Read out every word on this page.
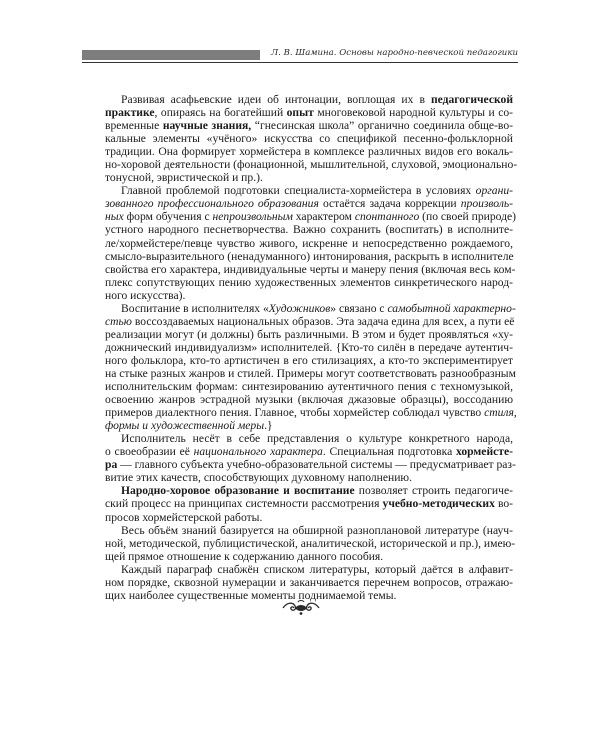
Л. В. Шамина. Основы народно-певческой педагогики
Развивая асафьевские идеи об интонации, воплощая их в педагогической
практике, опираясь на богатейший опыт многовековой народной культуры и со-
временные научные знания, “гнесинская школа” органично соединила обще-во-
кальные элементы «учёного» искусства со спецификой песенно-фольклорной
традиции. Она формирует хормейстера в комплексе различных видов его вокаль-
но-хоровой деятельности (фонационной, мышлительной, слуховой, эмоционально-
тонусной, эвристической и пр.).
Главной проблемой подготовки специалиста-хормейстера в условиях органи-
зованного профессионального образования остаётся задача коррекции произволь-
ных форм обучения с непроизвольным характером спонтанного (по своей природе)
устного народного песнетворчества. Важно сохранить (воспитать) в исполните-
ле/хормейстере/певце чувство живого, искренне и непосредственно рождаемого,
смысло-выразительного (ненадуманного) интонирования, раскрыть в исполнителе
свойства его характера, индивидуальные черты и манеру пения (включая весь ком-
плекс сопутствующих пению художественных элементов синкретического народ-
ного искусства).
Воспитание в исполнителях «Художников» связано с самобытной характерно-
стью воссоздаваемых национальных образов. Эта задача едина для всех, а пути её
реализации могут (и должны) быть различными. В этом и будет проявляться «ху-
дожнический индивидуализм» исполнителей. {Кто-то силён в передаче аутентич-
ного фольклора, кто-то артистичен в его стилизациях, а кто-то экспериментирует
на стыке разных жанров и стилей. Примеры могут соответствовать разнообразным
исполнительским формам: синтезированию аутентичного пения с техномузыкой,
освоению жанров эстрадной музыки (включая джазовые образцы), воссоданию
примеров диалектного пения. Главное, чтобы хормейстер соблюдал чувство стиля,
формы и художественной меры.}
Исполнитель несёт в себе представления о культуре конкретного народа,
о своеобразии её национального характера. Специальная подготовка хормейсте-
ра — главного субъекта учебно-образовательной системы — предусматривает раз-
витие этих качеств, способствующих духовному наполнению.
Народно-хоровое образование и воспитание позволяет строить педагогиче-
ский процесс на принципах системности рассмотрения учебно-методических во-
просов хормейстерской работы.
Весь объём знаний базируется на обширной разноплановой литературе (науч-
ной, методической, публицистической, аналитической, исторической и пр.), имею-
щей прямое отношение к содержанию данного пособия.
Каждый параграф снабжён списком литературы, который даётся в алфавит-
ном порядке, сквозной нумерации и заканчивается перечнем вопросов, отражаю-
щих наиболее существенные моменты поднимаемой темы.
